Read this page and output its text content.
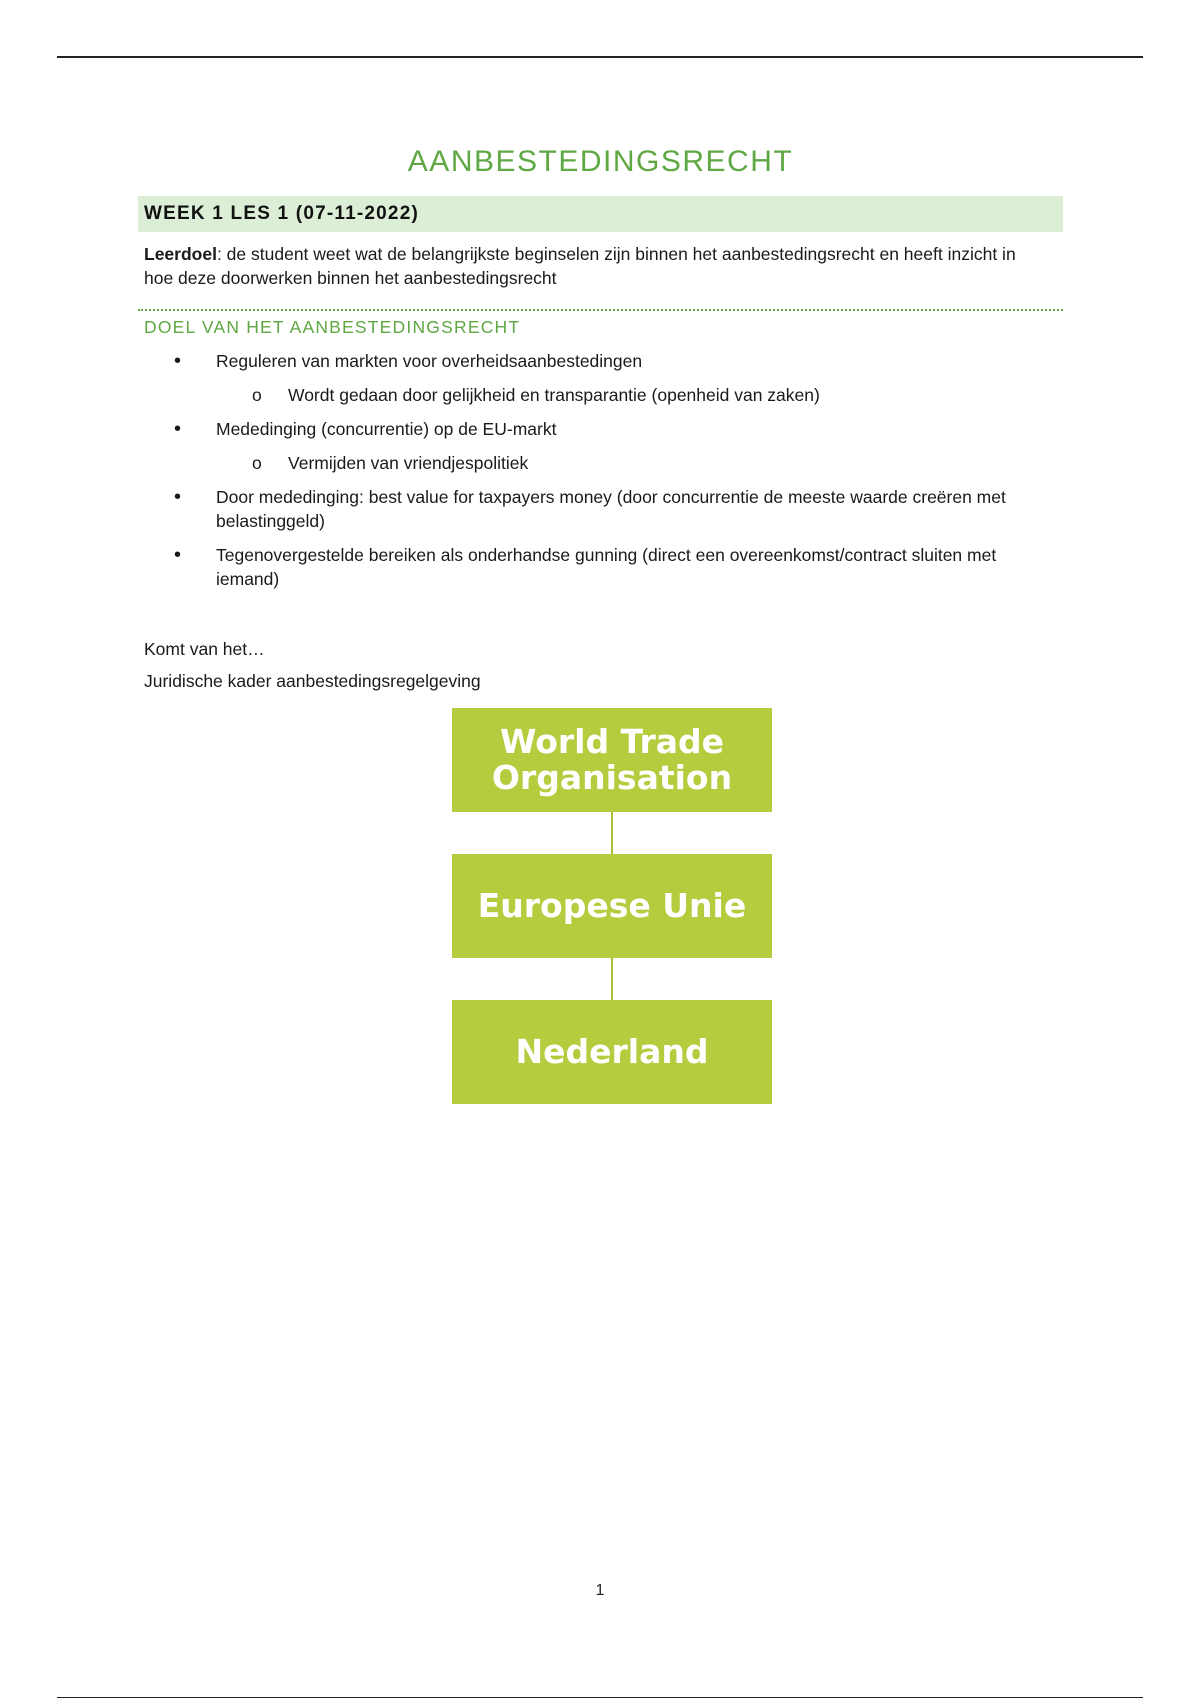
AANBESTEDINGSRECHT
WEEK 1 LES 1 (07-11-2022)
Leerdoel: de student weet wat de belangrijkste beginselen zijn binnen het aanbestedingsrecht en heeft inzicht in hoe deze doorwerken binnen het aanbestedingsrecht
DOEL VAN HET AANBESTEDINGSRECHT
• Reguleren van markten voor overheidsaanbestedingen
o Wordt gedaan door gelijkheid en transparantie (openheid van zaken)
• Mededinging (concurrentie) op de EU-markt
o Vermijden van vriendjespolitiek
• Door mededinging: best value for taxpayers money (door concurrentie de meeste waarde creëren met belastinggeld)
• Tegenovergestelde bereiken als onderhandse gunning (direct een overeenkomst/contract sluiten met iemand)
Komt van het…
Juridische kader aanbestedingsregelgeving
World Trade Organisation
Europese Unie
Nederland
1
